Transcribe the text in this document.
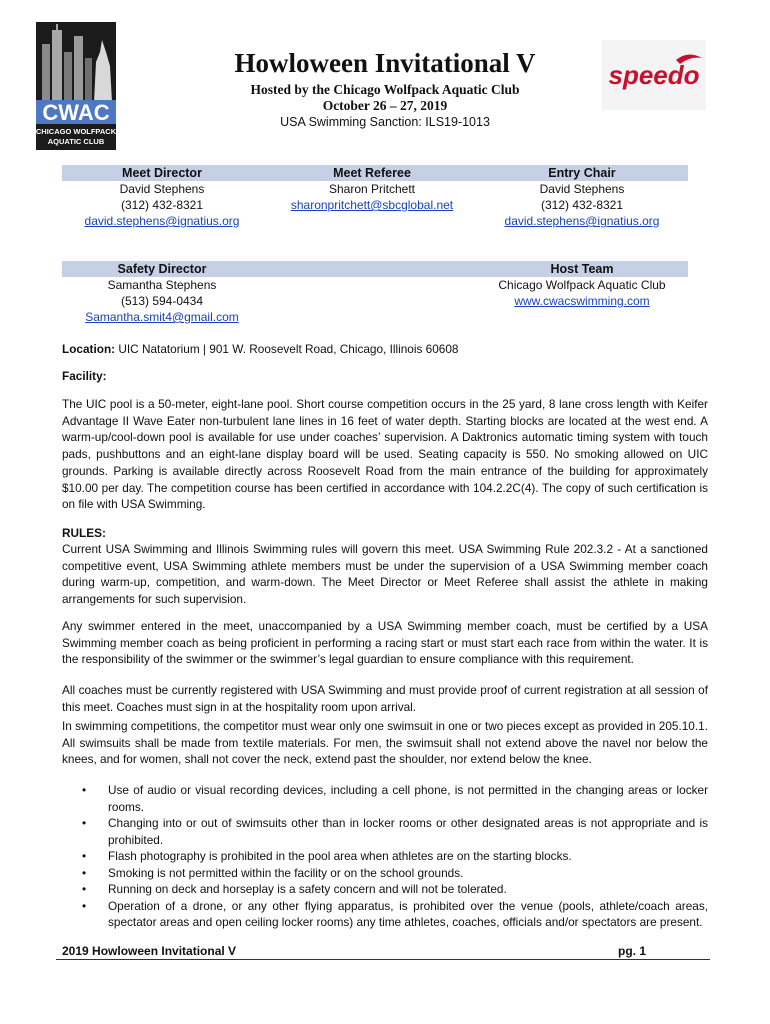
CWAC
CHICAGO WOLFPACK
AQUATIC CLUB
speedo
Howloween Invitational V
Hosted by the Chicago Wolfpack Aquatic Club
October 26 – 27, 2019
USA Swimming Sanction: ILS19-1013
Meet Director
David Stephens
(312) 432-8321
david.stephens@ignatius.org
Meet Referee
Sharon Pritchett
sharonpritchett@sbcglobal.net
Entry Chair
David Stephens
(312) 432-8321
david.stephens@ignatius.org
Safety Director
Samantha Stephens
(513) 594-0434
Samantha.smit4@gmail.com
Host Team
Chicago Wolfpack Aquatic Club
www.cwacswimming.com
Location: UIC Natatorium | 901 W. Roosevelt Road, Chicago, Illinois 60608
Facility:
The UIC pool is a 50-meter, eight-lane pool. Short course competition occurs in the 25 yard, 8 lane cross length with Keifer Advantage II Wave Eater non-turbulent lane lines in 16 feet of water depth. Starting blocks are located at the west end. A warm-up/cool-down pool is available for use under coaches’ supervision. A Daktronics automatic timing system with touch pads, pushbuttons and an eight-lane display board will be used. Seating capacity is 550. No smoking allowed on UIC grounds. Parking is available directly across Roosevelt Road from the main entrance of the building for approximately $10.00 per day. The competition course has been certified in accordance with 104.2.2C(4). The copy of such certification is on file with USA Swimming.
RULES:
Current USA Swimming and Illinois Swimming rules will govern this meet. USA Swimming Rule 202.3.2 - At a sanctioned competitive event, USA Swimming athlete members must be under the supervision of a USA Swimming member coach during warm-up, competition, and warm-down. The Meet Director or Meet Referee shall assist the athlete in making arrangements for such supervision.
Any swimmer entered in the meet, unaccompanied by a USA Swimming member coach, must be certified by a USA Swimming member coach as being proficient in performing a racing start or must start each race from within the water. It is the responsibility of the swimmer or the swimmer’s legal guardian to ensure compliance with this requirement.
All coaches must be currently registered with USA Swimming and must provide proof of current registration at all session of this meet. Coaches must sign in at the hospitality room upon arrival.
In swimming competitions, the competitor must wear only one swimsuit in one or two pieces except as provided in 205.10.1. All swimsuits shall be made from textile materials. For men, the swimsuit shall not extend above the navel nor below the knees, and for women, shall not cover the neck, extend past the shoulder, nor extend below the knee.
• Use of audio or visual recording devices, including a cell phone, is not permitted in the changing areas or locker rooms.
• Changing into or out of swimsuits other than in locker rooms or other designated areas is not appropriate and is prohibited.
• Flash photography is prohibited in the pool area when athletes are on the starting blocks.
• Smoking is not permitted within the facility or on the school grounds.
• Running on deck and horseplay is a safety concern and will not be tolerated.
• Operation of a drone, or any other flying apparatus, is prohibited over the venue (pools, athlete/coach areas, spectator areas and open ceiling locker rooms) any time athletes, coaches, officials and/or spectators are present.
2019 Howloween Invitational V	pg. 1
